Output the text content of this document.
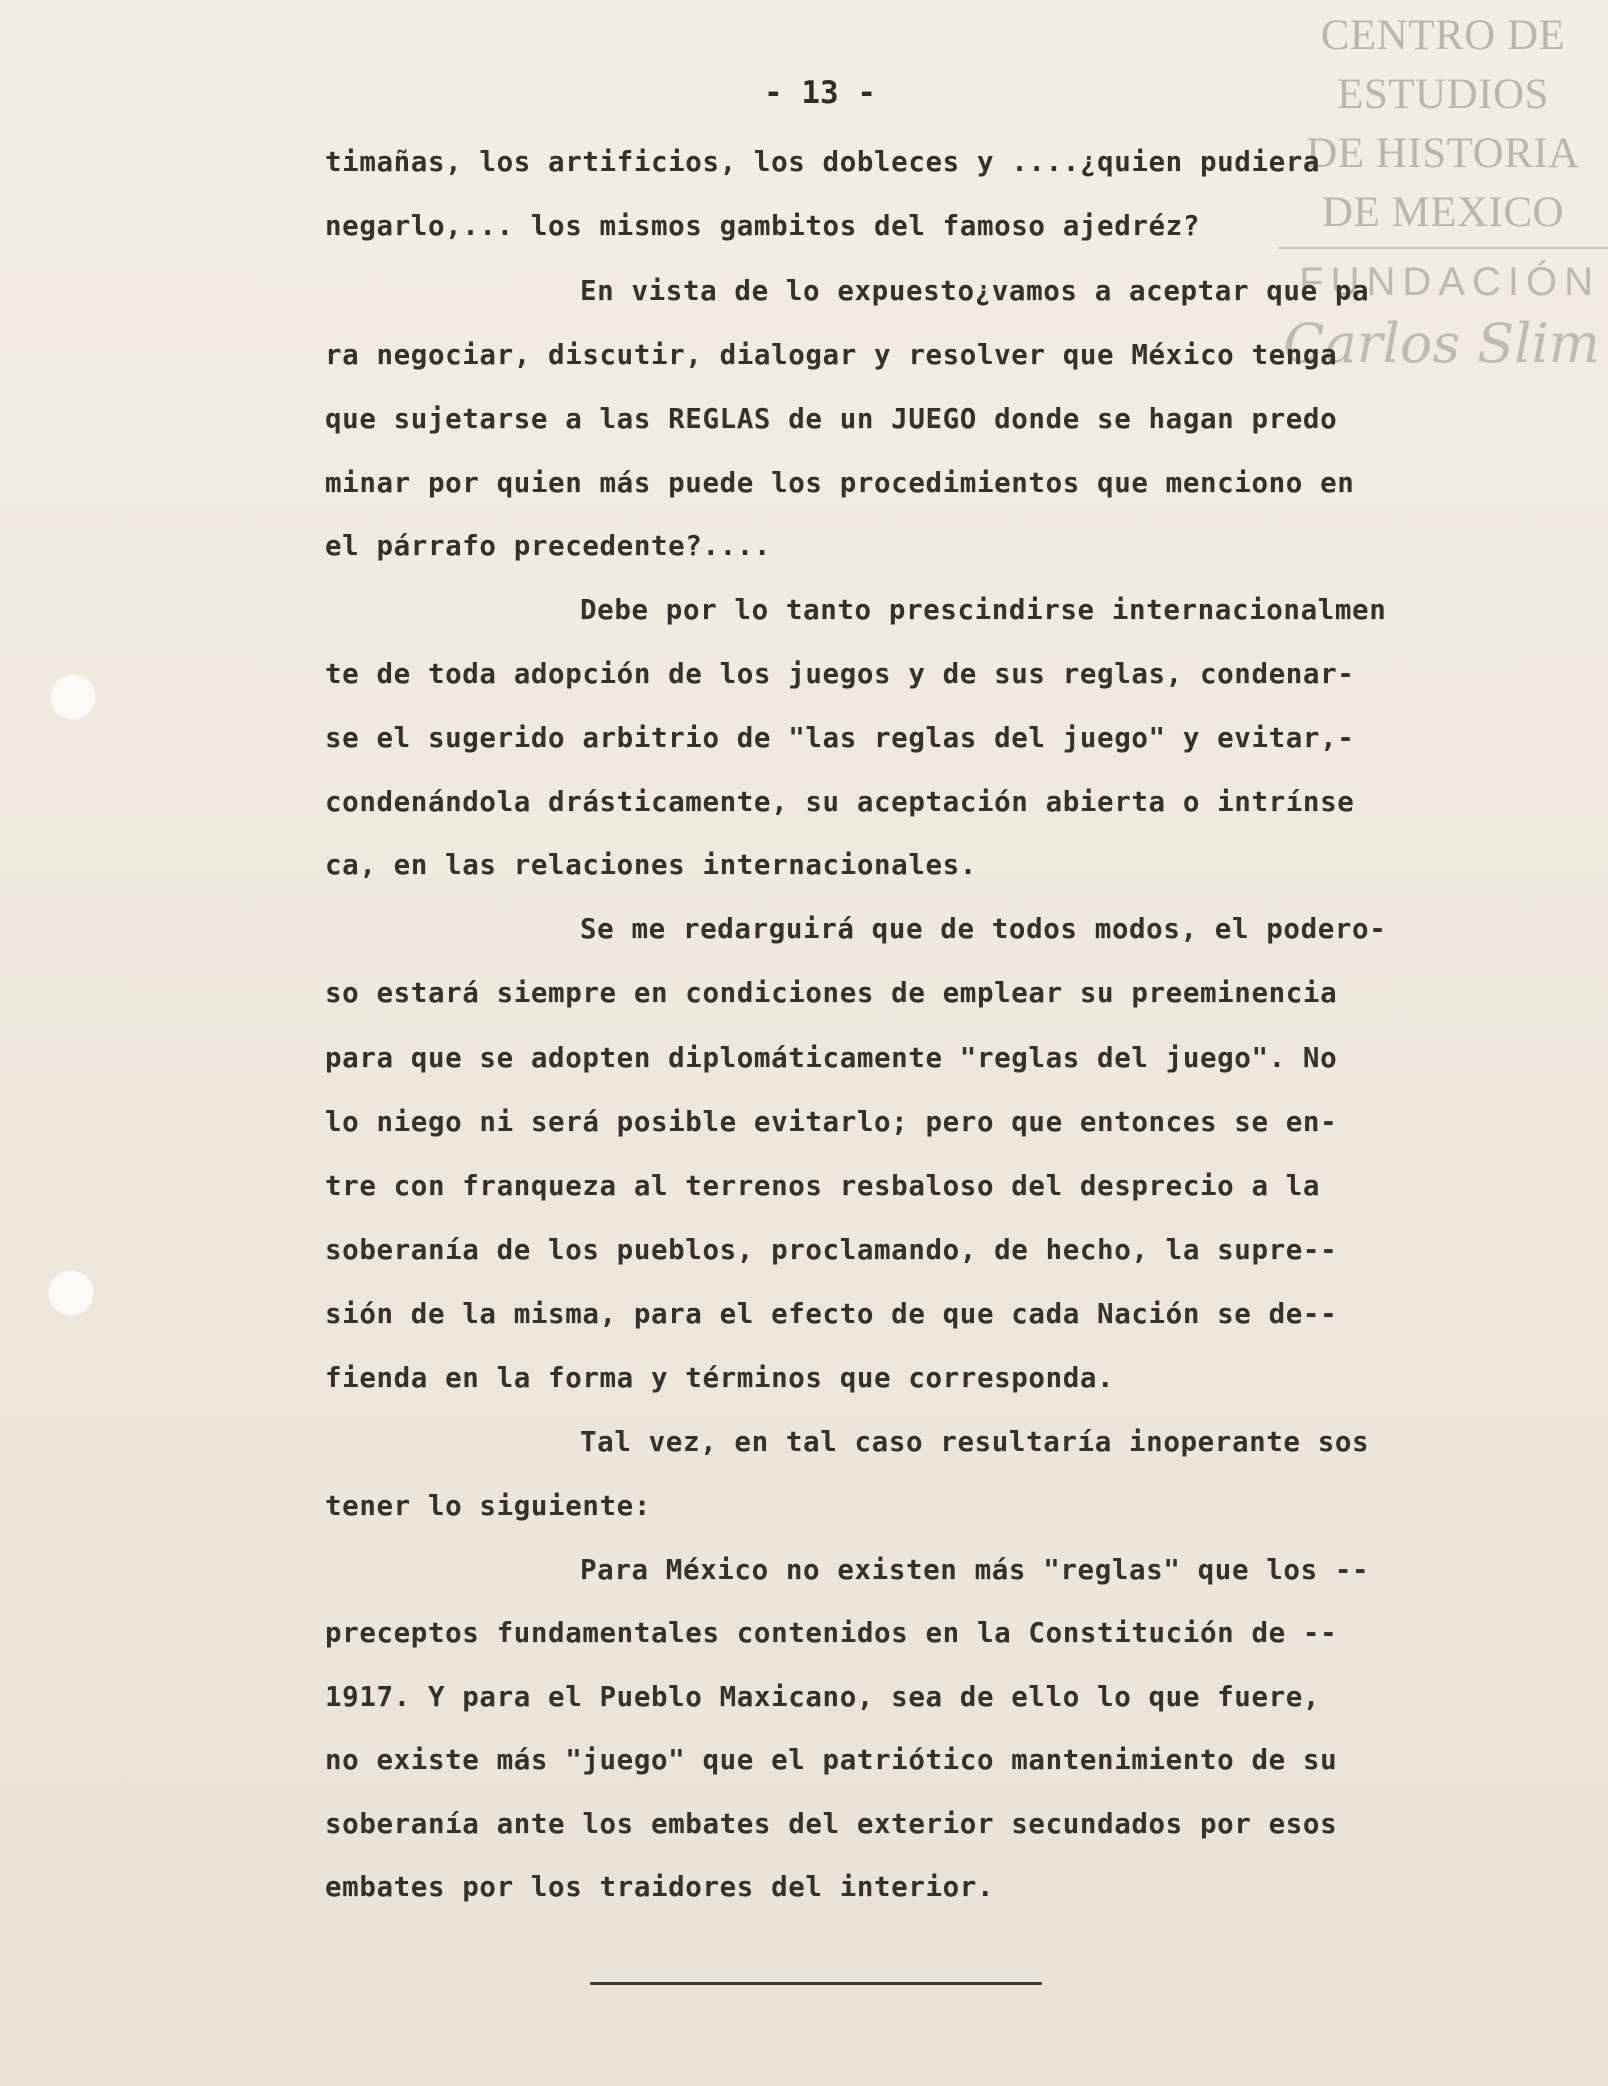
CENTRO DE
ESTUDIOS
DE HISTORIA
DE MEXICO
FUNDACIÓN
Carlos Slim
- 13 -
timañas, los artificios, los dobleces y ....¿quien pudiera
negarlo,... los mismos gambitos del famoso ajedréz?
En vista de lo expuesto¿vamos a aceptar que pa
ra negociar, discutir, dialogar y resolver que México tenga
que sujetarse a las REGLAS de un JUEGO donde se hagan predo
minar por quien más puede los procedimientos que menciono en
el párrafo precedente?....
Debe por lo tanto prescindirse internacionalmen
te de toda adopción de los juegos y de sus reglas, condenar-
se el sugerido arbitrio de "las reglas del juego" y evitar,-
condenándola drásticamente, su aceptación abierta o intrínse
ca, en las relaciones internacionales.
Se me redarguirá que de todos modos, el podero-
so estará siempre en condiciones de emplear su preeminencia
para que se adopten diplomáticamente "reglas del juego". No
lo niego ni será posible evitarlo; pero que entonces se en-
tre con franqueza al terrenos resbaloso del desprecio a la
soberanía de los pueblos, proclamando, de hecho, la supre--
sión de la misma, para el efecto de que cada Nación se de--
fienda en la forma y términos que corresponda.
Tal vez, en tal caso resultaría inoperante sos
tener lo siguiente:
Para México no existen más "reglas" que los --
preceptos fundamentales contenidos en la Constitución de --
1917. Y para el Pueblo Maxicano, sea de ello lo que fuere,
no existe más "juego" que el patriótico mantenimiento de su
soberanía ante los embates del exterior secundados por esos
embates por los traidores del interior.
